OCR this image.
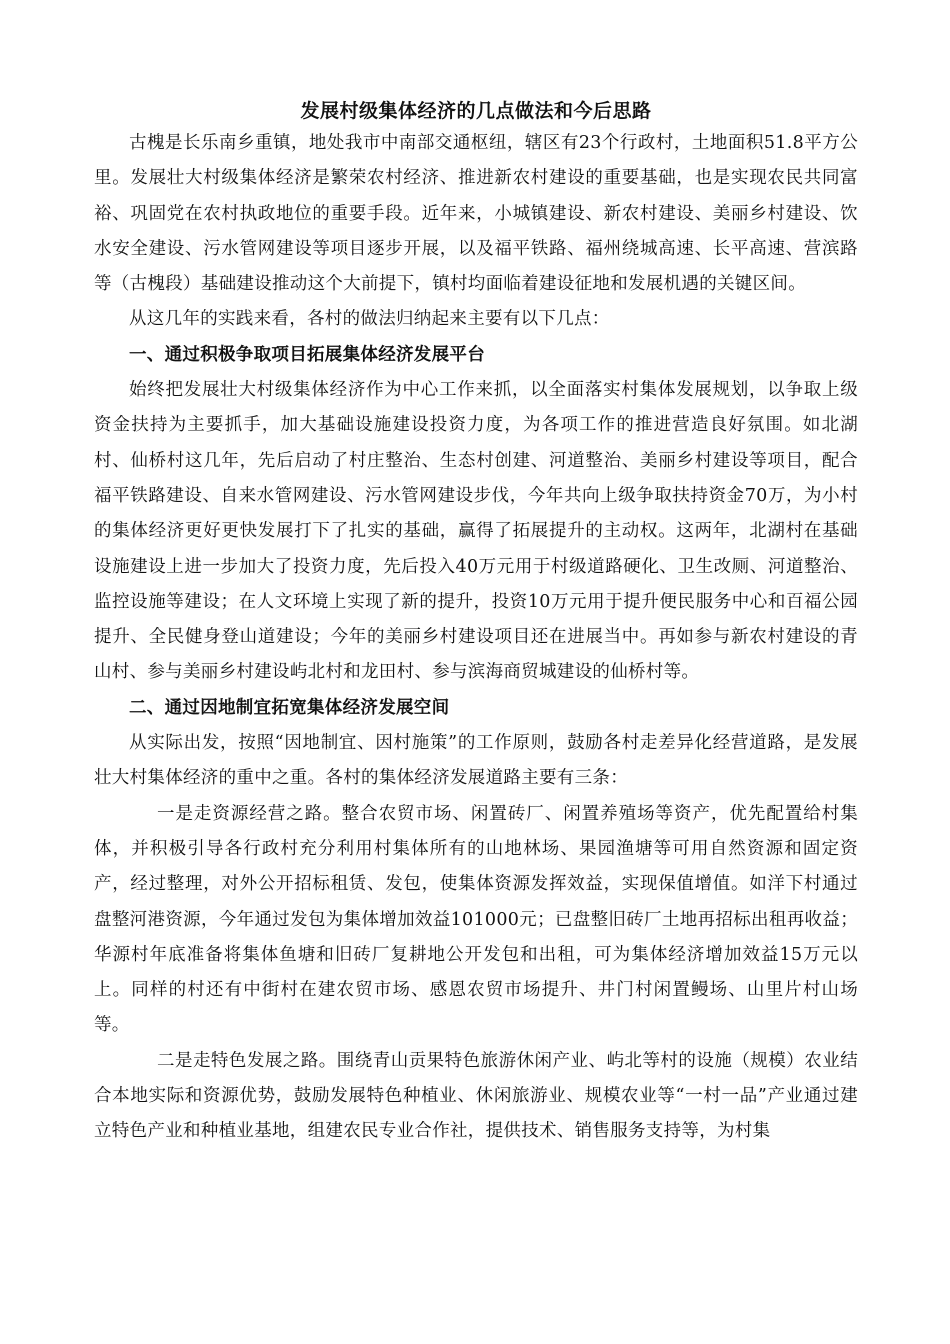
发展村级集体经济的几点做法和今后思路

古槐是长乐南乡重镇，地处我市中南部交通枢纽，辖区有23个行政村，土地面积51.8平方公里。发展壮大村级集体经济是繁荣农村经济、推进新农村建设的重要基础，也是实现农民共同富裕、巩固党在农村执政地位的重要手段。近年来，小城镇建设、新农村建设、美丽乡村建设、饮水安全建设、污水管网建设等项目逐步开展，以及福平铁路、福州绕城高速、长平高速、营滨路等（古槐段）基础建设推动这个大前提下，镇村均面临着建设征地和发展机遇的关键区间。

从这几年的实践来看，各村的做法归纳起来主要有以下几点：

一、通过积极争取项目拓展集体经济发展平台

始终把发展壮大村级集体经济作为中心工作来抓，以全面落实村集体发展规划，以争取上级资金扶持为主要抓手，加大基础设施建设投资力度，为各项工作的推进营造良好氛围。如北湖村、仙桥村这几年，先后启动了村庄整治、生态村创建、河道整治、美丽乡村建设等项目，配合福平铁路建设、自来水管网建设、污水管网建设步伐，今年共向上级争取扶持资金70万，为小村的集体经济更好更快发展打下了扎实的基础，赢得了拓展提升的主动权。这两年，北湖村在基础设施建设上进一步加大了投资力度，先后投入40万元用于村级道路硬化、卫生改厕、河道整治、监控设施等建设；在人文环境上实现了新的提升，投资10万元用于提升便民服务中心和百福公园提升、全民健身登山道建设；今年的美丽乡村建设项目还在进展当中。再如参与新农村建设的青山村、参与美丽乡村建设屿北村和龙田村、参与滨海商贸城建设的仙桥村等。

二、通过因地制宜拓宽集体经济发展空间

从实际出发，按照“因地制宜、因村施策”的工作原则，鼓励各村走差异化经营道路，是发展壮大村集体经济的重中之重。各村的集体经济发展道路主要有三条：

一是走资源经营之路。整合农贸市场、闲置砖厂、闲置养殖场等资产，优先配置给村集体，并积极引导各行政村充分利用村集体所有的山地林场、果园渔塘等可用自然资源和固定资产，经过整理，对外公开招标租赁、发包，使集体资源发挥效益，实现保值增值。如洋下村通过盘整河港资源，今年通过发包为集体增加效益101000元；已盘整旧砖厂土地再招标出租再收益；华源村年底准备将集体鱼塘和旧砖厂复耕地公开发包和出租，可为集体经济增加效益15万元以上。同样的村还有中街村在建农贸市场、感恩农贸市场提升、井门村闲置鳗场、山里片村山场等。

二是走特色发展之路。围绕青山贡果特色旅游休闲产业、屿北等村的设施（规模）农业结合本地实际和资源优势，鼓励发展特色种植业、休闲旅游业、规模农业等“一村一品”产业通过建立特色产业和种植业基地，组建农民专业合作社，提供技术、销售服务支持等，为村集
